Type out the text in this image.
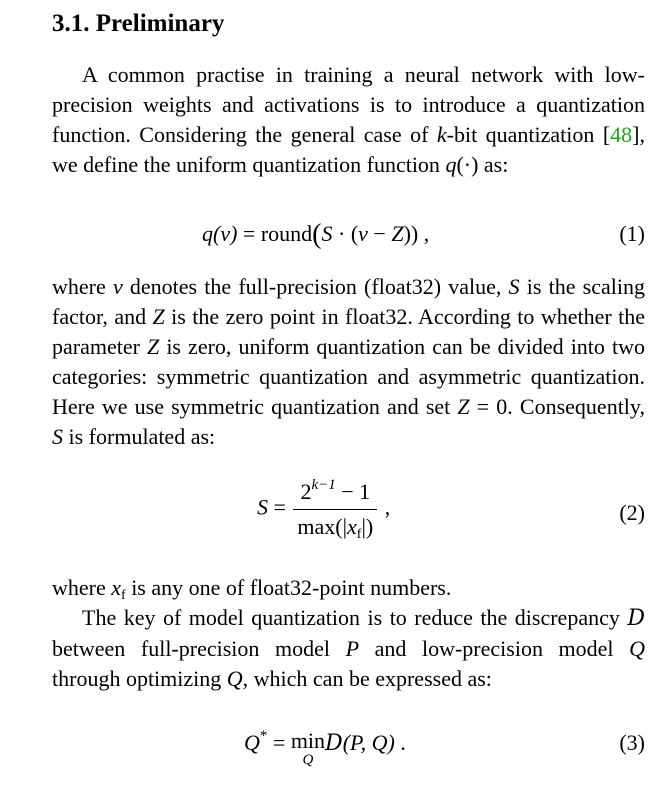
3.1. Preliminary

A common practise in training a neural network with low-precision weights and activations is to introduce a quantization function. Considering the general case of k-bit quantization [48], we define the uniform quantization function q(·) as:

q(v) = round(S · (v − Z)) ,	(1)

where v denotes the full-precision (float32) value, S is the scaling factor, and Z is the zero point in float32. According to whether the parameter Z is zero, uniform quantization can be divided into two categories: symmetric quantization and asymmetric quantization. Here we use symmetric quantization and set Z = 0. Consequently, S is formulated as:

$S = \frac{2^{k-1} - 1}{\max(|x_f|)}$ ,	(2)

where $x_f$ is any one of float32-point numbers.

The key of model quantization is to reduce the discrepancy D between full-precision model P and low-precision model Q through optimizing Q, which can be expressed as:

Q* = min
Q
D(P, Q) .	(3)
